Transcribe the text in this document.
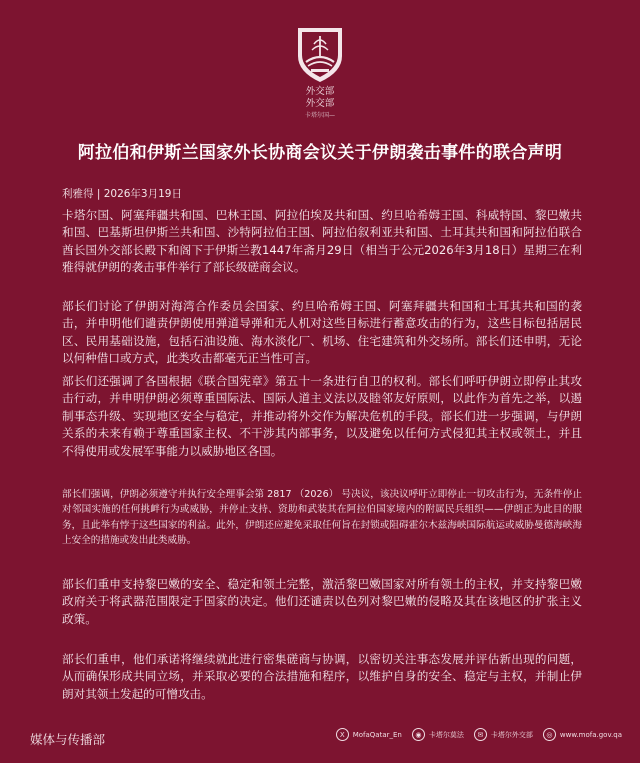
外交部
外交部
卡塔尔国—
阿拉伯和伊斯兰国家外长协商会议关于伊朗袭击事件的联合声明
利雅得 | 2026年3月19日

卡塔尔国、阿塞拜疆共和国、巴林王国、阿拉伯埃及共和国、约旦哈希姆王国、科威特国、黎巴嫩共和国、巴基斯坦伊斯兰共和国、沙特阿拉伯王国、阿拉伯叙利亚共和国、土耳其共和国和阿拉伯联合酋长国外交部长殿下和阁下于伊斯兰教1447年斋月29日（相当于公元2026年3月18日）星期三在利雅得就伊朗的袭击事件举行了部长级磋商会议。

部长们讨论了伊朗对海湾合作委员会国家、约旦哈希姆王国、阿塞拜疆共和国和土耳其共和国的袭击，并申明他们谴责伊朗使用弹道导弹和无人机对这些目标进行蓄意攻击的行为，这些目标包括居民区、民用基础设施，包括石油设施、海水淡化厂、机场、住宅建筑和外交场所。部长们还申明，无论以何种借口或方式，此类攻击都毫无正当性可言。

部长们还强调了各国根据《联合国宪章》第五十一条进行自卫的权利。部长们呼吁伊朗立即停止其攻击行动，并申明伊朗必须尊重国际法、国际人道主义法以及睦邻友好原则，以此作为首先之举，以遏制事态升级、实现地区安全与稳定，并推动将外交作为解决危机的手段。部长们进一步强调，与伊朗关系的未来有赖于尊重国家主权、不干涉其内部事务，以及避免以任何方式侵犯其主权或领土，并且不得使用或发展军事能力以威胁地区各国。

部长们强调，伊朗必须遵守并执行安全理事会第 2817 （2026） 号决议，该决议呼吁立即停止一切攻击行为，无条件停止对邻国实施的任何挑衅行为或威胁，并停止支持、资助和武装其在阿拉伯国家境内的附属民兵组织——伊朗正为此目的服务，且此举有悖于这些国家的利益。此外，伊朗还应避免采取任何旨在封锁或阻碍霍尔木兹海峡国际航运或威胁曼德海峡海上安全的措施或发出此类威胁。

部长们重申支持黎巴嫩的安全、稳定和领土完整，激活黎巴嫩国家对所有领土的主权，并支持黎巴嫩政府关于将武器范围限定于国家的决定。他们还谴责以色列对黎巴嫩的侵略及其在该地区的扩张主义政策。

部长们重申，他们承诺将继续就此进行密集磋商与协调，以密切关注事态发展并评估新出现的问题，从而确保形成共同立场，并采取必要的合法措施和程序，以维护自身的安全、稳定与主权，并制止伊朗对其领土发起的可憎攻击。

媒体与传播部	X	MofaQatar_En	◉	卡塔尔莫法	✉	卡塔尔外交部	◎	www.mofa.gov.qa
